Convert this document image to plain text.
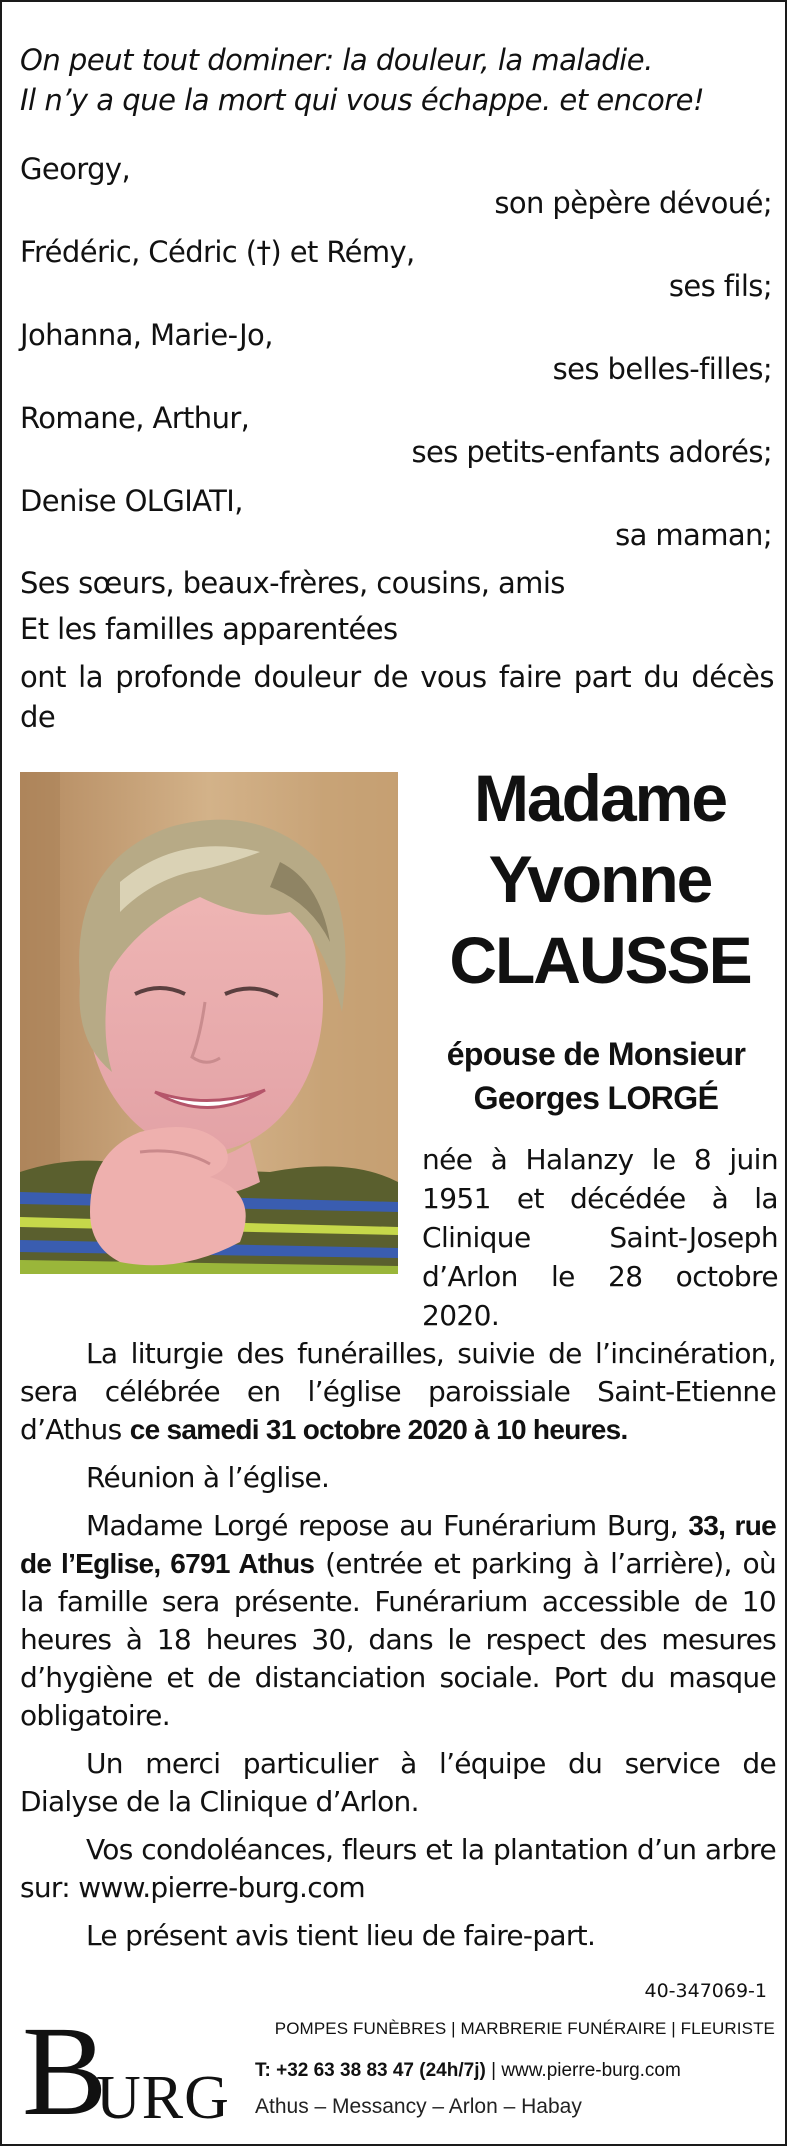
On peut tout dominer: la douleur, la maladie.
Il n’y a que la mort qui vous échappe. et encore!
Georgy,
son pèpère dévoué;
Frédéric, Cédric (†) et Rémy,
ses fils;
Johanna, Marie-Jo,
ses belles-filles;
Romane, Arthur,
ses petits-enfants adorés;
Denise OLGIATI,
sa maman;
Ses sœurs, beaux-frères, cousins, amis
Et les familles apparentées
ont la profonde douleur de vous faire part du décès de
Madame
Yvonne
CLAUSSE
épouse de Monsieur
Georges LORGÉ
née à Halanzy le 8 juin 1951 et décédée à la Clinique Saint-Joseph d’Arlon le 28 octobre 2020.

La liturgie des funérailles, suivie de l’incinération, sera célébrée en l’église paroissiale Saint-Etienne d’Athus ce samedi 31 octobre 2020 à 10 heures.

Réunion à l’église.

Madame Lorgé repose au Funérarium Burg, 33, rue de l’Eglise, 6791 Athus (entrée et parking à l’arrière), où la famille sera présente. Funérarium accessible de 10 heures à 18 heures 30, dans le respect des mesures d’hygiène et de distanciation sociale. Port du masque obligatoire.

Un merci particulier à l’équipe du service de Dialyse de la Clinique d’Arlon.

Vos condoléances, fleurs et la plantation d’un arbre sur: www.pierre-burg.com

Le présent avis tient lieu de faire-part.

40-347069-1
B
URG
POMPES FUNÈBRES | MARBRERIE FUNÉRAIRE | FLEURISTE
T: +32 63 38 83 47 (24h/7j) | www.pierre-burg.com
Athus – Messancy – Arlon – Habay
